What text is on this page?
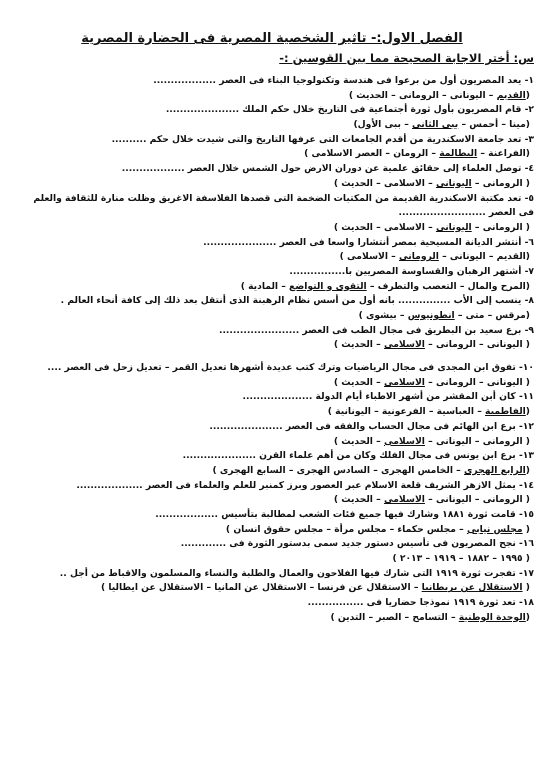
الفصل الاول:- تاثير الشخصية المصرية فى الحضارة المصرية
س: أختر الاجابة الصحيحة مما بين القوسين :-
١- يعد المصريون أول من برعوا فى هندسة وتكنولوجيا البناء فى العصر ..................
(القديم – اليونانى – الرومانى – الحديث )
٢- قام المصريون بأول ثورة أجتماعية فى التاريخ خلال حكم الملك .....................
(مينا – أحمس – ببى الثانى – ببى الأول)
٣- تعد جامعة الاسكندرية من أقدم الجامعات التى عرفها التاريخ والتى شيدت خلال حكم ..........
(الفراعنة – البطالمة – الرومان – العصر الاسلامى )
٤- توصل العلماء إلى حقائق علمية عن دوران الارض حول الشمس خلال العصر ..................
( الرومانى – اليونانى – الاسلامى – الحديث )
٥- تعد مكتبة الاسكندرية القديمة من المكتبات الضخمة التى قصدها الفلاسفة الاغريق وظلت منارة للثقافة والعلم
فى العصر .........................
( الرومانى – اليونانى – الاسلامى – الحديث )
٦- أنتشر الديانة المسيحية بمصر أنتشارا واسعا فى العصر .....................
(القديم – اليونانى – الرومانى – الاسلامى )
٧- أشتهر الرهبان والقساوسة المصريين با................
(المرح والمال – التعصب والتطرف – التقوى و التواضع – المادية )
٨- ينسب إلى الأب ............... بانه أول من أسس نظام الرهبنة الذى أنتقل بعد ذلك إلى كافة أنحاء العالم .
(مرقس – متى – انطونيوس – بيشوى )
٩- برع سعيد بن البطريق فى مجال الطب فى العصر .......................
( اليونانى – الرومانى – الاسلامى – الحديث )
١٠- تفوق ابن المجدى فى مجال الرياضيات وترك كتب عديدة أشهرها تعديل القمر – تعديل زحل فى العصر ....
( اليونانى – الرومانى – الاسلامى – الحديث )
١١- كان أبن المقشر من أشهر الاطباء أيام الدولة ....................
(الفاطمية – العباسية – الفرعونية – اليونانية )
١٢- برع ابن الهائم فى مجال الحساب والفقه فى العصر .....................
( الرومانى – اليونانى – الاسلامى – الحديث )
١٣- برع ابن يونس فى مجال الفلك وكان من أهم علماء القرن .....................
(الرابع الهجرى – الخامس الهجرى – السادس الهجرى – السابع الهجرى )
١٤- يمثل الازهر الشريف قلعة الاسلام عبر العصور وبرز كمنبر للعلم والعلماء فى العصر ...................
( الرومانى – اليونانى – الاسلامى – الحديث )
١٥- قامت ثورة ١٨٨١ وشارك فيها جميع فئات الشعب لمطالبة بتأسيس ..................
( مجلس نيابى – مجلس حكماء – مجلس مرأة – مجلس حقوق انسان )
١٦- نجح المصريون فى تأسيس دستور جديد سمى بدستور الثورة فى .............
( ١٩٩٥ – ١٨٨٢ – ١٩١٩ – ٢٠١٣ )
١٧- تفجرت ثورة ١٩١٩ التى شارك فيها الفلاحون والعمال والطلبة والنساء والمسلمون والاقباط من أجل ..
( الاستقلال عن بريطانيا – الاستقلال عن فرنسا – الاستقلال عن المانيا – الاستقلال عن ايطاليا )
١٨- تعد ثورة ١٩١٩ نموذجا حضاريا فى ................
(الوحدة الوطنية – التسامح – الصبر – التدين )
